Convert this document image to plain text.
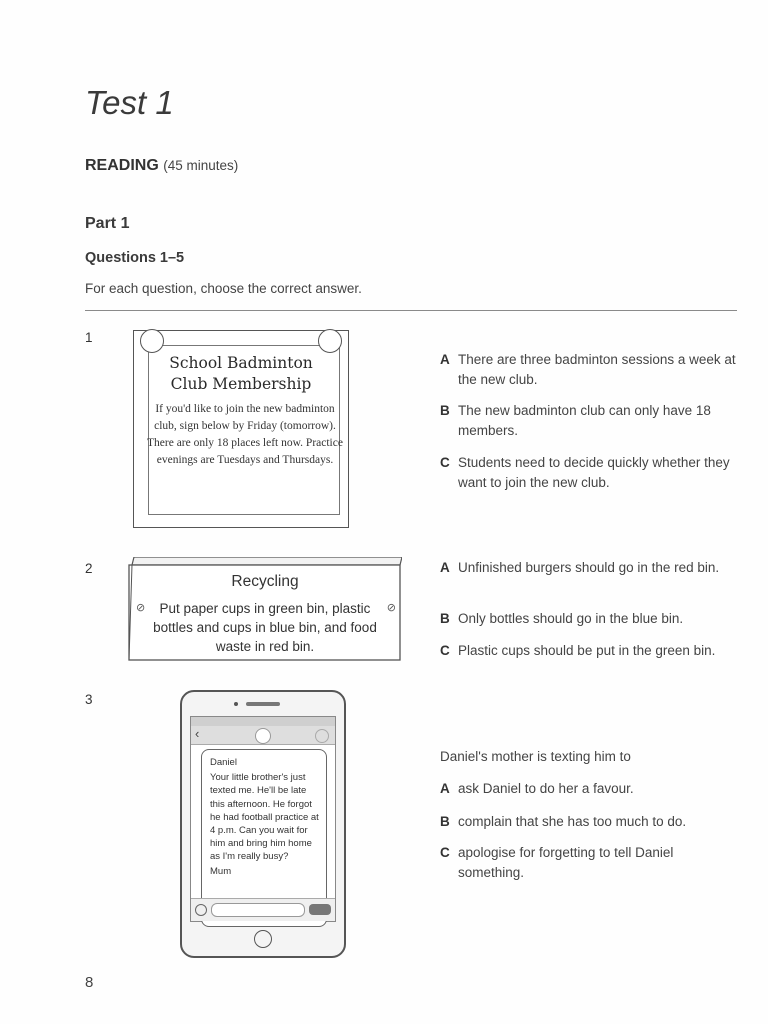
Test 1
READING (45 minutes)
Part 1
Questions 1–5
For each question, choose the correct answer.
1
School Badminton
Club Membership
If you'd like to join the new badminton club, sign below by Friday (tomorrow). There are only 18 places left now. Practice evenings are Tuesdays and Thursdays.
A There are three badminton sessions a week at the new club.
B The new badminton club can only have 18 members.
C Students need to decide quickly whether they want to join the new club.
2
⊘	⊘
Recycling
Put paper cups in green bin, plastic bottles and cups in blue bin, and food waste in red bin.
A Unfinished burgers should go in the red bin.
B Only bottles should go in the blue bin.
C Plastic cups should be put in the green bin.
3
‹
Daniel
Your little brother's just texted me. He'll be late this afternoon. He forgot he had football practice at 4 p.m. Can you wait for him and bring him home as I'm really busy?
Mum
Daniel's mother is texting him to
A ask Daniel to do her a favour.
B complain that she has too much to do.
C apologise for forgetting to tell Daniel something.
8
